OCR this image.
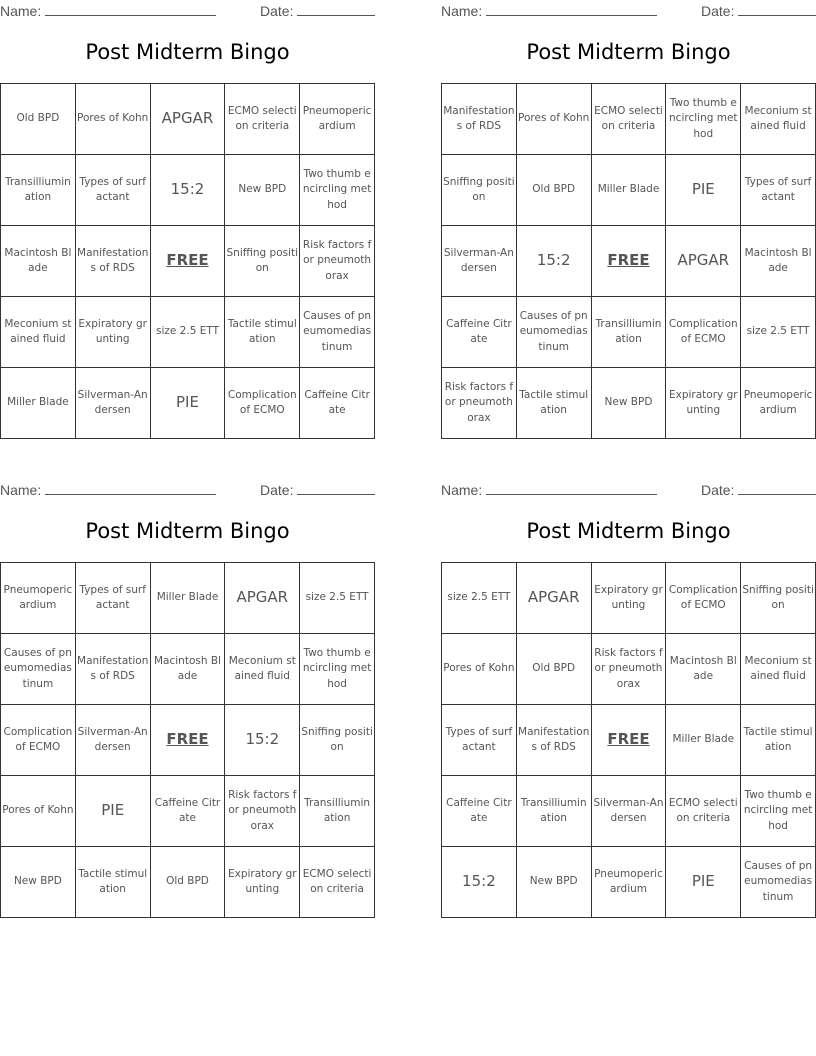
Name:	Date:
Post Midterm Bingo
Old BPD	Pores of Kohn	APGAR	ECMO selection criteria	Pneumopericardium
Transilliumination	Types of surfactant	15:2	New BPD	Two thumb encircling method
Macintosh Blade	Manifestations of RDS	FREE	Sniffing position	Risk factors for pneumothorax
Meconium stained fluid	Expiratory grunting	size 2.5 ETT	Tactile stimulation	Causes of pneumomediastinum
Miller Blade	Silverman-Andersen	PIE	Complication of ECMO	Caffeine Citrate
Name:	Date:
Post Midterm Bingo
Manifestations of RDS	Pores of Kohn	ECMO selection criteria	Two thumb encircling method	Meconium stained fluid
Sniffing position	Old BPD	Miller Blade	PIE	Types of surfactant
Silverman-Andersen	15:2	FREE	APGAR	Macintosh Blade
Caffeine Citrate	Causes of pneumomediastinum	Transilliumination	Complication of ECMO	size 2.5 ETT
Risk factors for pneumothorax	Tactile stimulation	New BPD	Expiratory grunting	Pneumopericardium
Name:	Date:
Post Midterm Bingo
Pneumopericardium	Types of surfactant	Miller Blade	APGAR	size 2.5 ETT
Causes of pneumomediastinum	Manifestations of RDS	Macintosh Blade	Meconium stained fluid	Two thumb encircling method
Complication of ECMO	Silverman-Andersen	FREE	15:2	Sniffing position
Pores of Kohn	PIE	Caffeine Citrate	Risk factors for pneumothorax	Transilliumination
New BPD	Tactile stimulation	Old BPD	Expiratory grunting	ECMO selection criteria
Name:	Date:
Post Midterm Bingo
size 2.5 ETT	APGAR	Expiratory grunting	Complication of ECMO	Sniffing position
Pores of Kohn	Old BPD	Risk factors for pneumothorax	Macintosh Blade	Meconium stained fluid
Types of surfactant	Manifestations of RDS	FREE	Miller Blade	Tactile stimulation
Caffeine Citrate	Transilliumination	Silverman-Andersen	ECMO selection criteria	Two thumb encircling method
15:2	New BPD	Pneumopericardium	PIE	Causes of pneumomediastinum
